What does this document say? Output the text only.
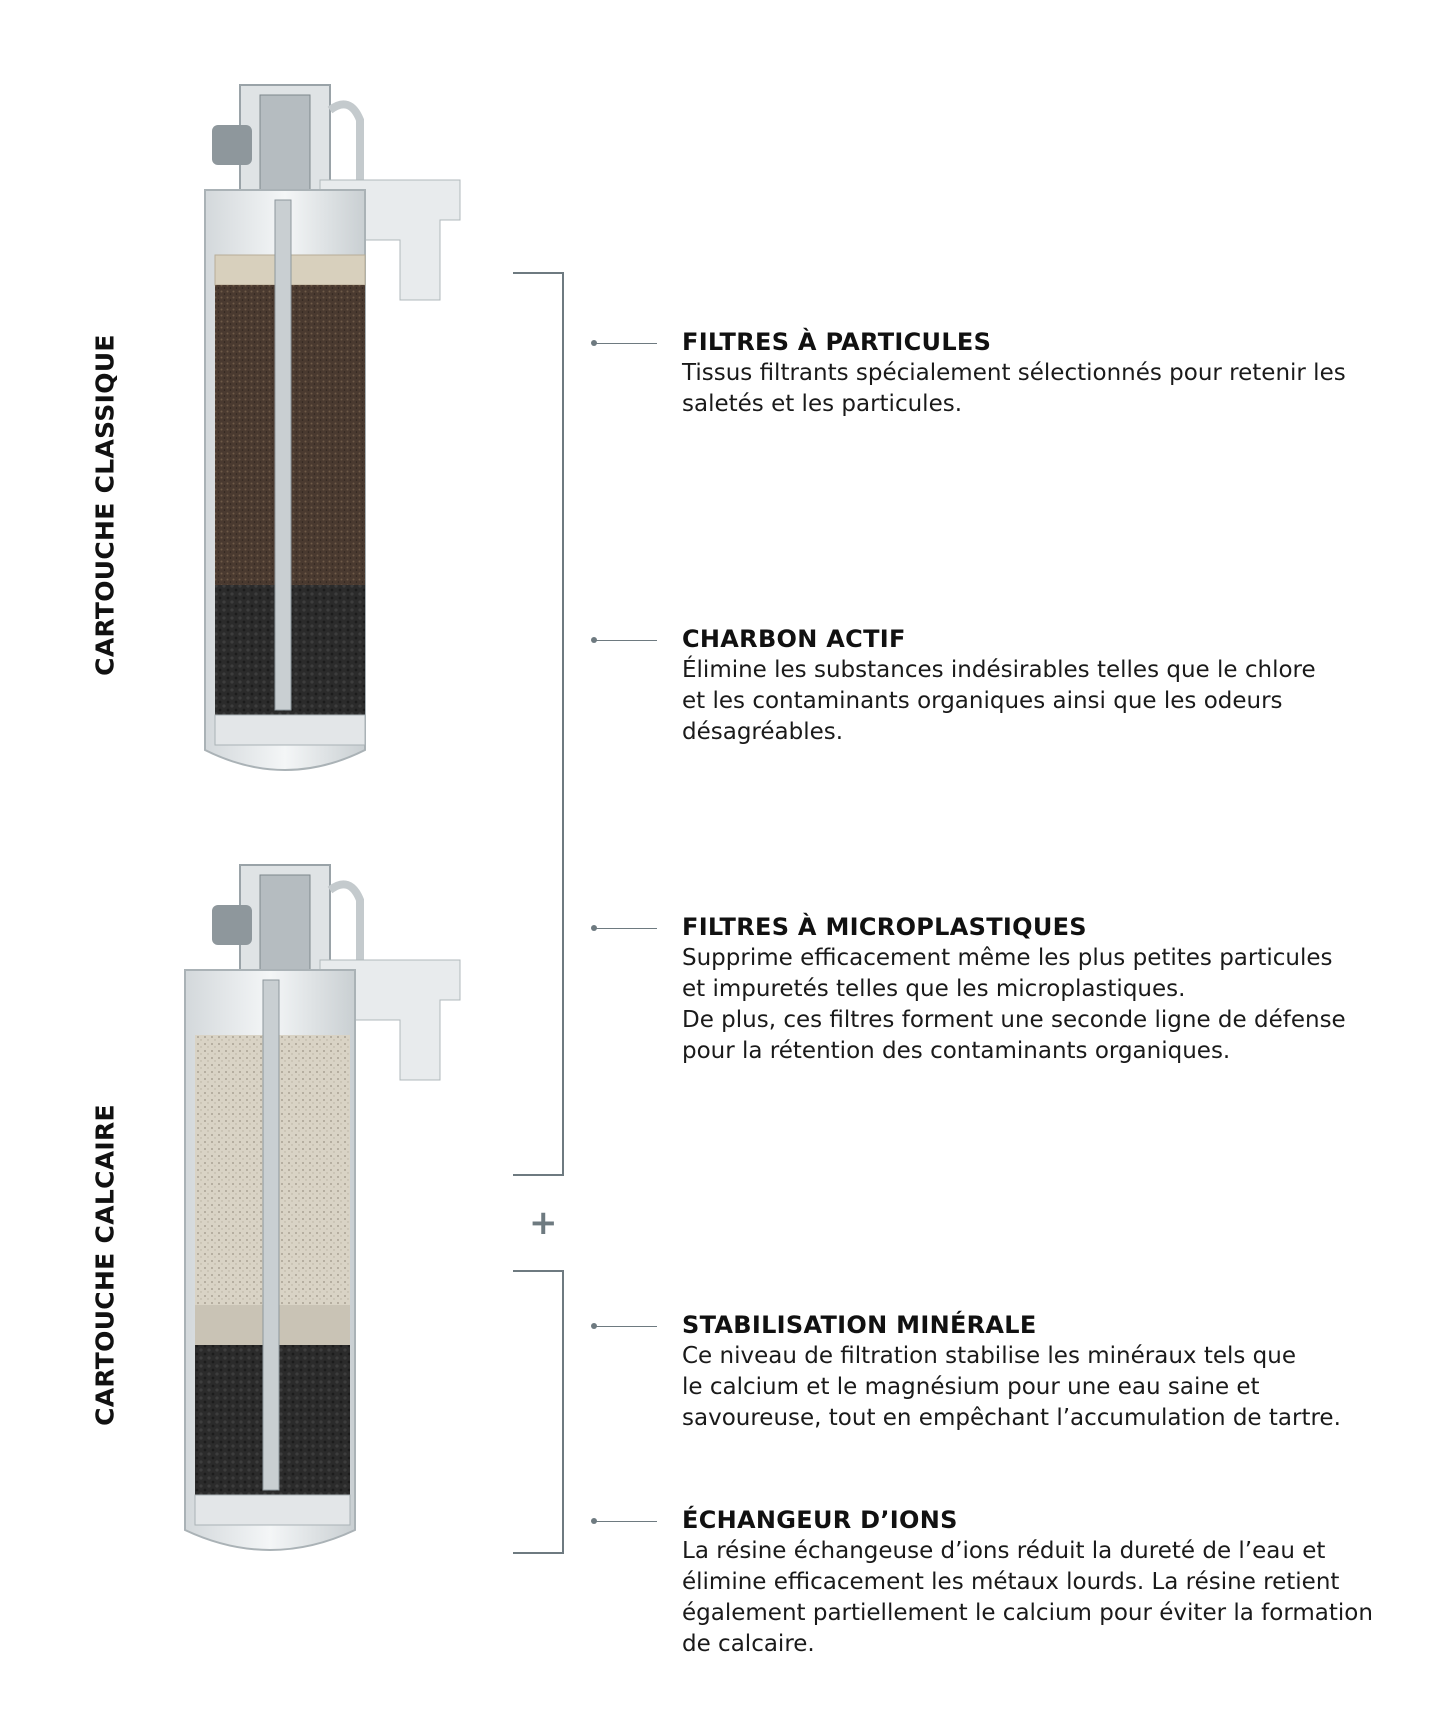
CARTOUCHE CLASSIQUE
CARTOUCHE CALCAIRE	+
FILTRES À PARTICULES

Tissus filtrants spécialement sélectionnés pour retenir les
saletés et les particules.

CHARBON ACTIF

Élimine les substances indésirables telles que le chlore
et les contaminants organiques ainsi que les odeurs
désagréables.

FILTRES À MICROPLASTIQUES

Supprime efficacement même les plus petites particules
et impuretés telles que les microplastiques.
De plus, ces filtres forment une seconde ligne de défense
pour la rétention des contaminants organiques.

STABILISATION MINÉRALE

Ce niveau de filtration stabilise les minéraux tels que
le calcium et le magnésium pour une eau saine et
savoureuse, tout en empêchant l’accumulation de tartre.

ÉCHANGEUR D’IONS

La résine échangeuse d’ions réduit la dureté de l’eau et
élimine efficacement les métaux lourds. La résine retient
également partiellement le calcium pour éviter la formation
de calcaire.
